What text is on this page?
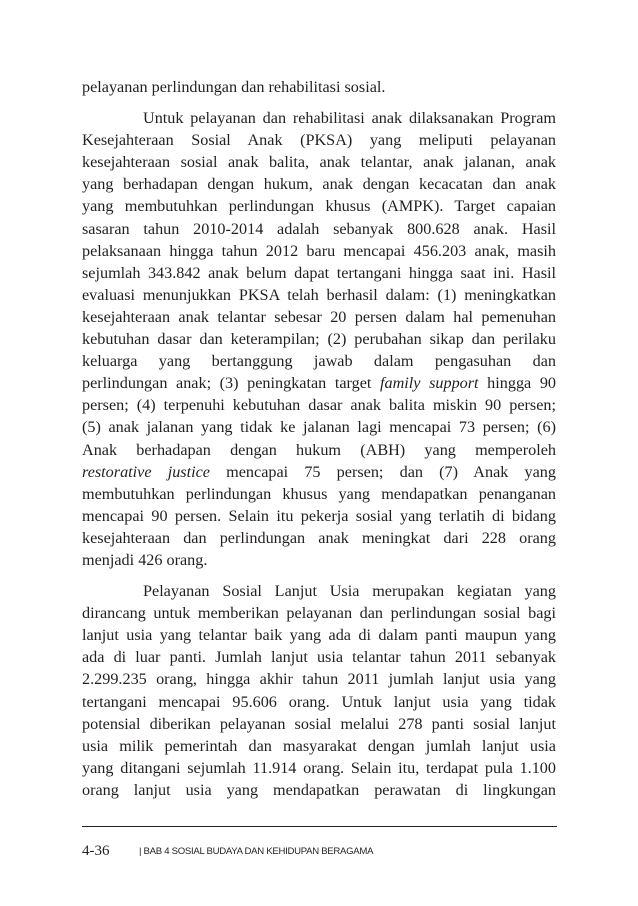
pelayanan perlindungan dan rehabilitasi sosial.

Untuk pelayanan dan rehabilitasi anak dilaksanakan Program
Kesejahteraan Sosial Anak (PKSA) yang meliputi pelayanan
kesejahteraan sosial anak balita, anak telantar, anak jalanan, anak
yang berhadapan dengan hukum, anak dengan kecacatan dan anak
yang membutuhkan perlindungan khusus (AMPK). Target capaian
sasaran tahun 2010-2014 adalah sebanyak 800.628 anak. Hasil
pelaksanaan hingga tahun 2012 baru mencapai 456.203 anak, masih
sejumlah 343.842 anak belum dapat tertangani hingga saat ini. Hasil
evaluasi menunjukkan PKSA telah berhasil dalam: (1) meningkatkan
kesejahteraan anak telantar sebesar 20 persen dalam hal pemenuhan
kebutuhan dasar dan keterampilan; (2) perubahan sikap dan perilaku
keluarga yang bertanggung jawab dalam pengasuhan dan
perlindungan anak; (3) peningkatan target family support hingga 90
persen; (4) terpenuhi kebutuhan dasar anak balita miskin 90 persen;
(5) anak jalanan yang tidak ke jalanan lagi mencapai 73 persen; (6)
Anak berhadapan dengan hukum (ABH) yang memperoleh
restorative justice mencapai 75 persen; dan (7) Anak yang
membutuhkan perlindungan khusus yang mendapatkan penanganan
mencapai 90 persen. Selain itu pekerja sosial yang terlatih di bidang
kesejahteraan dan perlindungan anak meningkat dari 228 orang
menjadi 426 orang.

Pelayanan Sosial Lanjut Usia merupakan kegiatan yang
dirancang untuk memberikan pelayanan dan perlindungan sosial bagi
lanjut usia yang telantar baik yang ada di dalam panti maupun yang
ada di luar panti. Jumlah lanjut usia telantar tahun 2011 sebanyak
2.299.235 orang, hingga akhir tahun 2011 jumlah lanjut usia yang
tertangani mencapai 95.606 orang. Untuk lanjut usia yang tidak
potensial diberikan pelayanan sosial melalui 278 panti sosial lanjut
usia milik pemerintah dan masyarakat dengan jumlah lanjut usia
yang ditangani sejumlah 11.914 orang. Selain itu, terdapat pula 1.100
orang lanjut usia yang mendapatkan perawatan di lingkungan

4-36	| BAB 4 SOSIAL BUDAYA DAN KEHIDUPAN BERAGAMA
